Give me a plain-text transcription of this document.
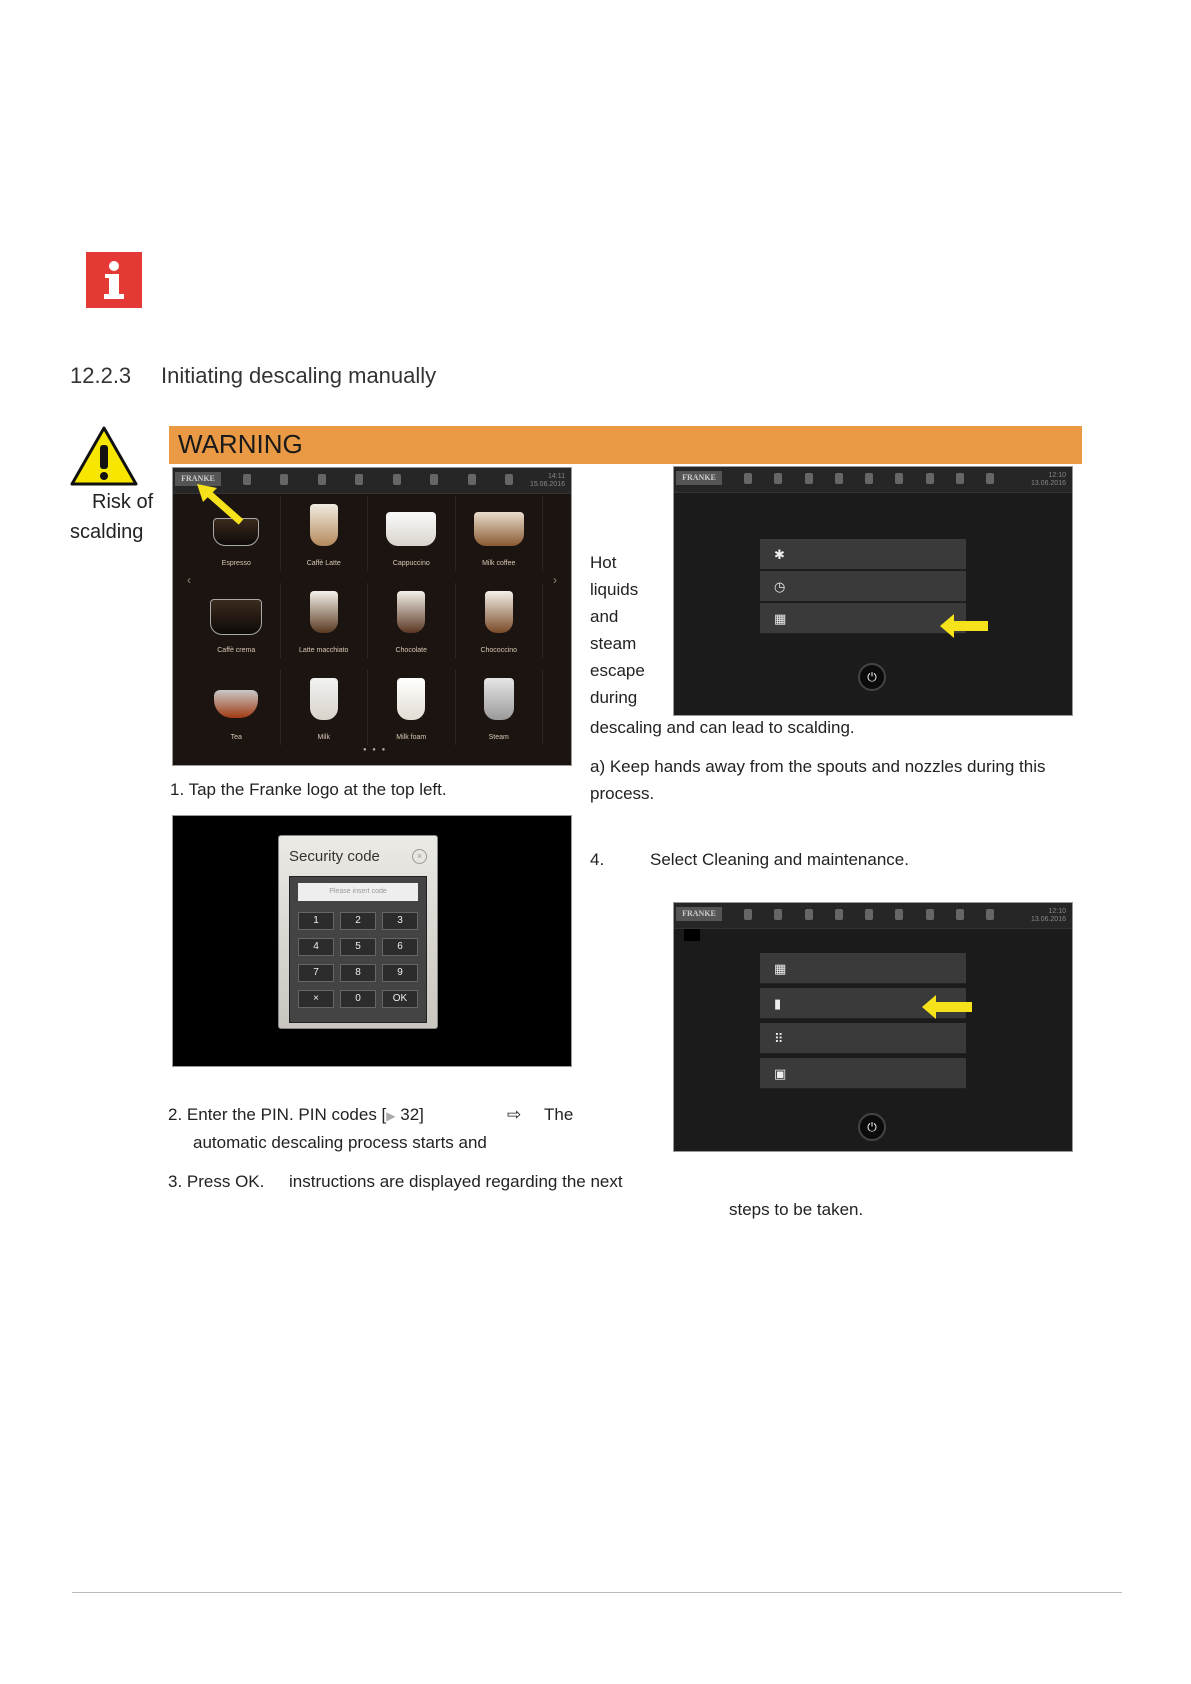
12.2.3 Initiating descaling manually
Risk of
scalding
WARNING
FRANKE	14:11
15.06.2016
Espresso	Caffè Latte	Cappuccino	Milk coffee
Caffè crema	Latte macchiato	Chocolate	Chococcino
Tea	Milk	Milk foam	Steam
‹	›
● ● ●
FRANKE	12:10
13.06.2016
✱
◷
▦
⏻
Hot
liquids
and
steam
escape
during
descaling and can lead to scalding.
a) Keep hands away from the spouts and nozzles during this process.
1. Tap the Franke logo at the top left.
Security code	×
Please insert code
1	2	3
4	5	6
7	8	9
×	0	OK
4.	Select Cleaning and maintenance.
FRANKE	12:10
13.06.2016
▦
▮
⠿
▣
⏻
2. Enter the PIN. PIN codes [▶ 32]	⇨ The
automatic descaling process starts and
3. Press OK. instructions are displayed regarding the next
steps to be taken.
